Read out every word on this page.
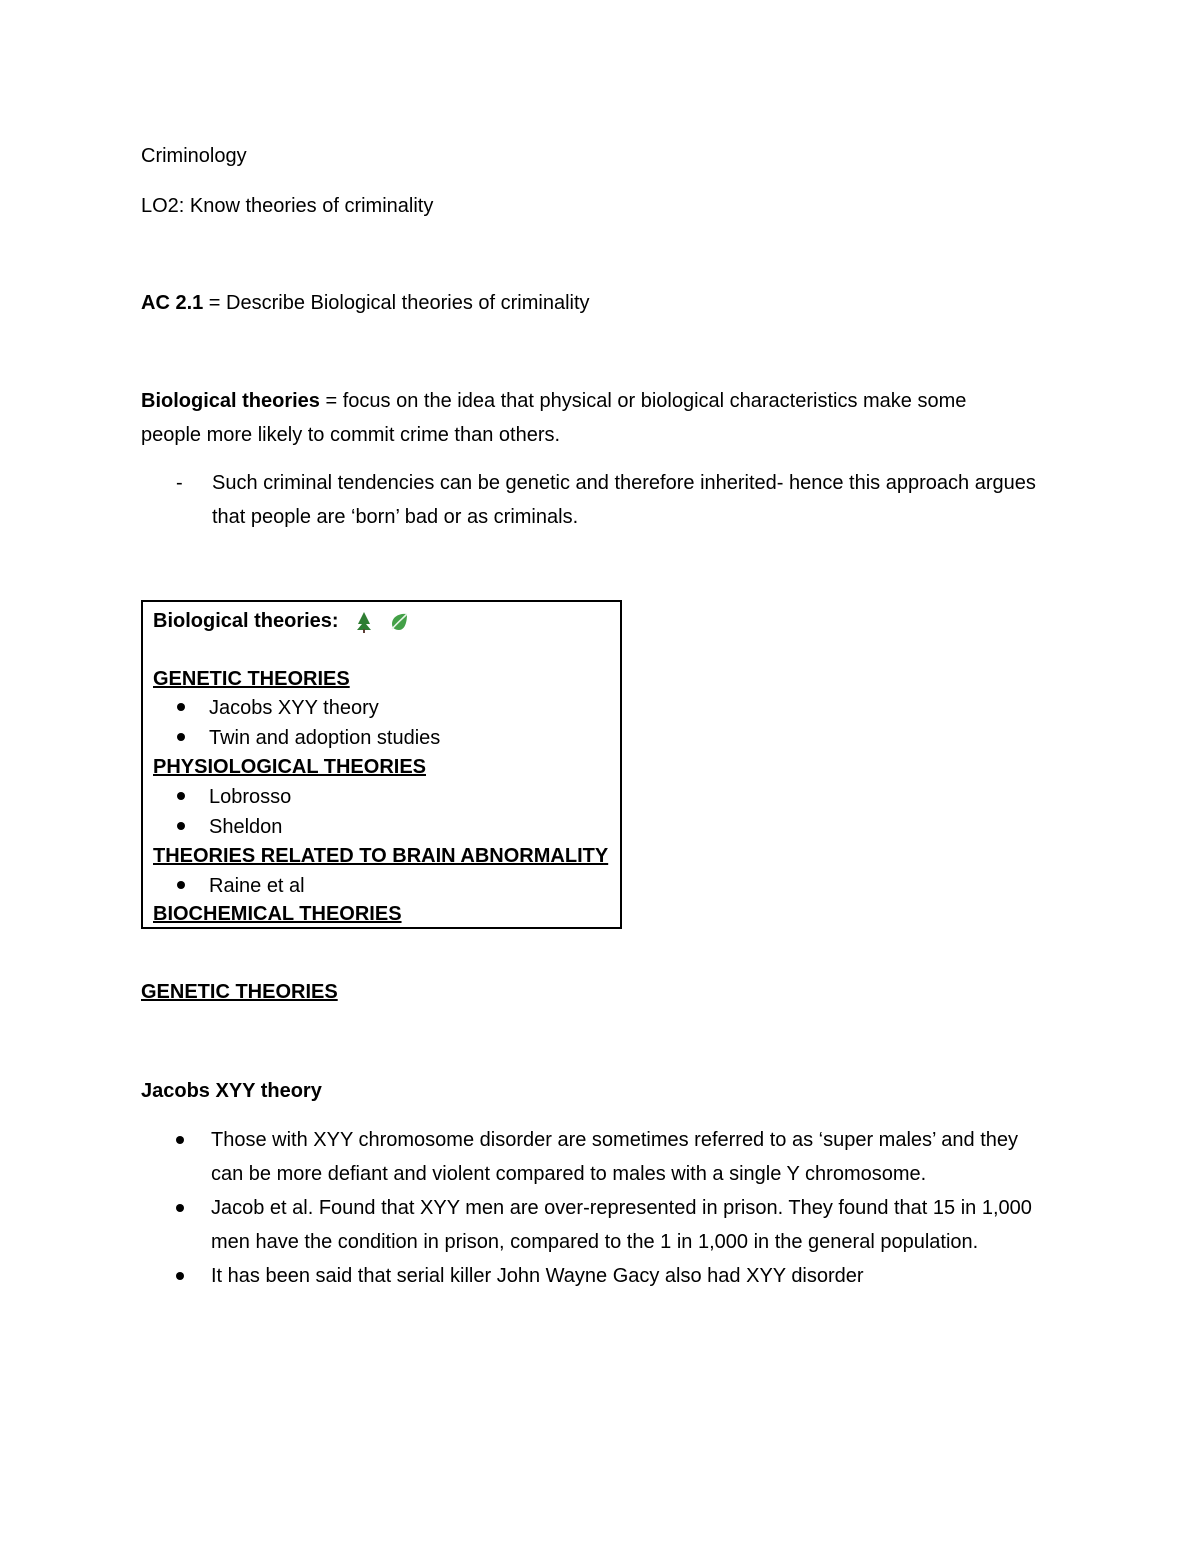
Criminology
LO2: Know theories of criminality
AC 2.1 = Describe Biological theories of criminality
Biological theories = focus on the idea that physical or biological characteristics make some people more likely to commit crime than others.
- Such criminal tendencies can be genetic and therefore inherited- hence this approach argues that people are ‘born’ bad or as criminals.
Biological theories:
GENETIC THEORIES
Jacobs XYY theory
Twin and adoption studies
PHYSIOLOGICAL THEORIES
Lobrosso
Sheldon
THEORIES RELATED TO BRAIN ABNORMALITY
Raine et al
BIOCHEMICAL THEORIES
GENETIC THEORIES
Jacobs XYY theory
Those with XYY chromosome disorder are sometimes referred to as ‘super males’ and they can be more defiant and violent compared to males with a single Y chromosome.
Jacob et al. Found that XYY men are over-represented in prison. They found that 15 in 1,000 men have the condition in prison, compared to the 1 in 1,000 in the general population.
It has been said that serial killer John Wayne Gacy also had XYY disorder
